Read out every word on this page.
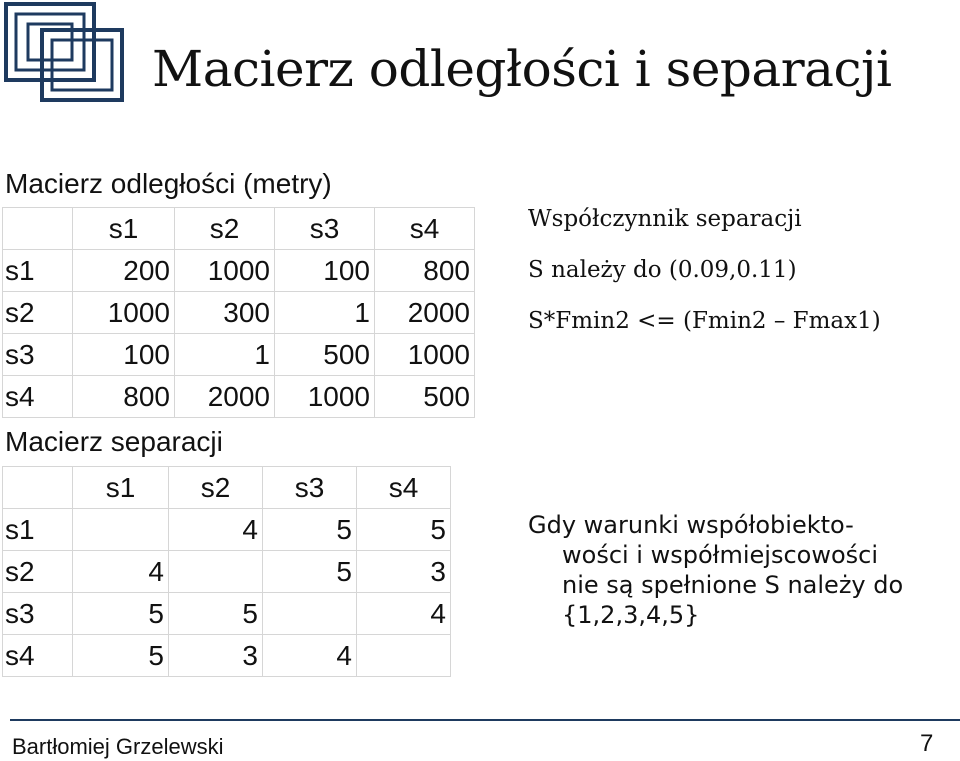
Macierz odległości i separacji
Macierz odległości (metry)
	s1	s2	s3	s4
s1	200	1000	100	800
s2	1000	300	1	2000
s3	100	1	500	1000
s4	800	2000	1000	500
Macierz separacji
	s1	s2	s3	s4
s1		4	5	5
s2	4		5	3
s3	5	5		4
s4	5	3	4	
Współczynnik separacji
S należy do (0.09,0.11)
S*Fmin2 <= (Fmin2 – Fmax1)
Gdy warunki współobiekto-
wości i współmiejscowości
nie są spełnione S należy do
{1,2,3,4,5}
Bartłomiej Grzelewski	7
